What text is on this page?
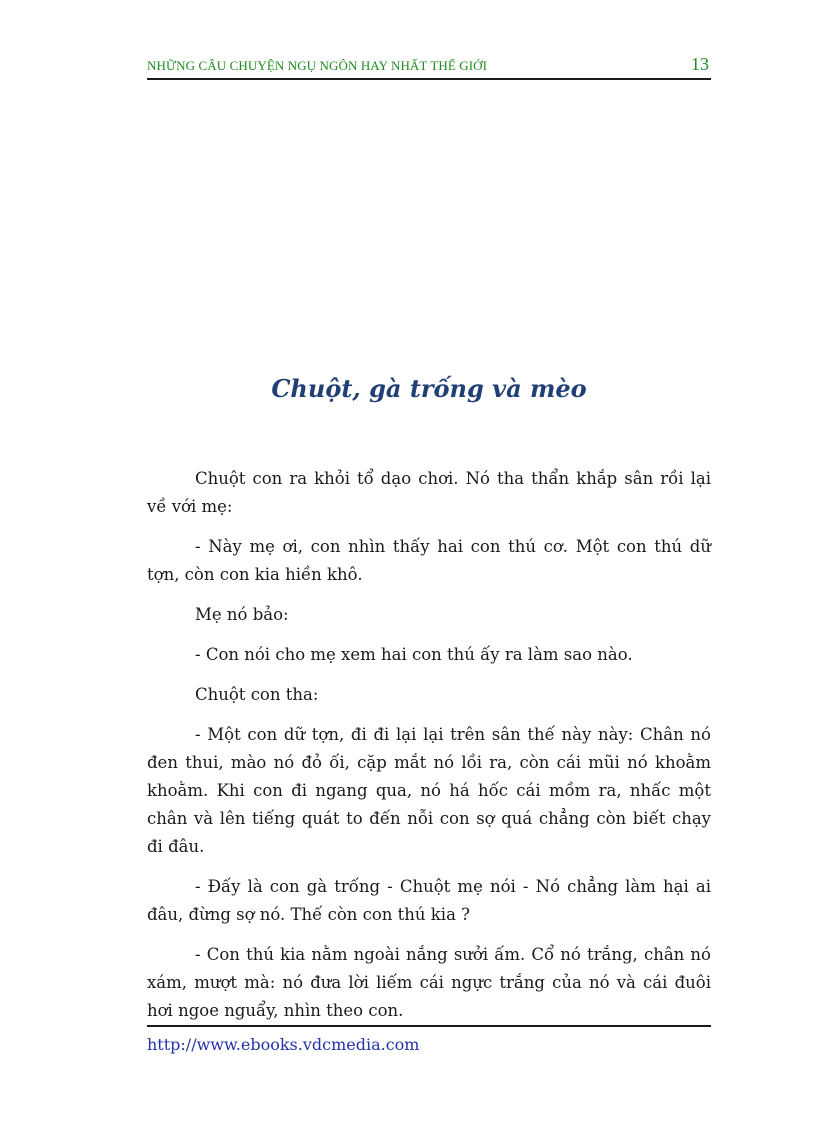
NHỮNG CÂU CHUYỆN NGỤ NGÔN HAY NHẤT THẾ GIỚI	13
Chuột, gà trống và mèo

Chuột con ra khỏi tổ dạo chơi. Nó tha thẩn khắp sân rồi lại về với mẹ:

- Này mẹ ơi, con nhìn thấy hai con thú cơ. Một con thú dữ tợn, còn con kia hiền khô.

Mẹ nó bảo:

- Con nói cho mẹ xem hai con thú ấy ra làm sao nào.

Chuột con tha:

- Một con dữ tợn, đi đi lại lại trên sân thế này này: Chân nó đen thui, mào nó đỏ ối, cặp mắt nó lồi ra, còn cái mũi nó khoằm khoằm. Khi con đi ngang qua, nó há hốc cái mồm ra, nhấc một chân và lên tiếng quát to đến nỗi con sợ quá chẳng còn biết chạy đi đâu.

- Đấy là con gà trống - Chuột mẹ nói - Nó chẳng làm hại ai đâu, đừng sợ nó. Thế còn con thú kia ?

- Con thú kia nằm ngoài nắng sưởi ấm. Cổ nó trắng, chân nó xám, mượt mà: nó đưa lời liếm cái ngực trắng của nó và cái đuôi hơi ngoe nguẩy, nhìn theo con.

http://www.ebooks.vdcmedia.com
